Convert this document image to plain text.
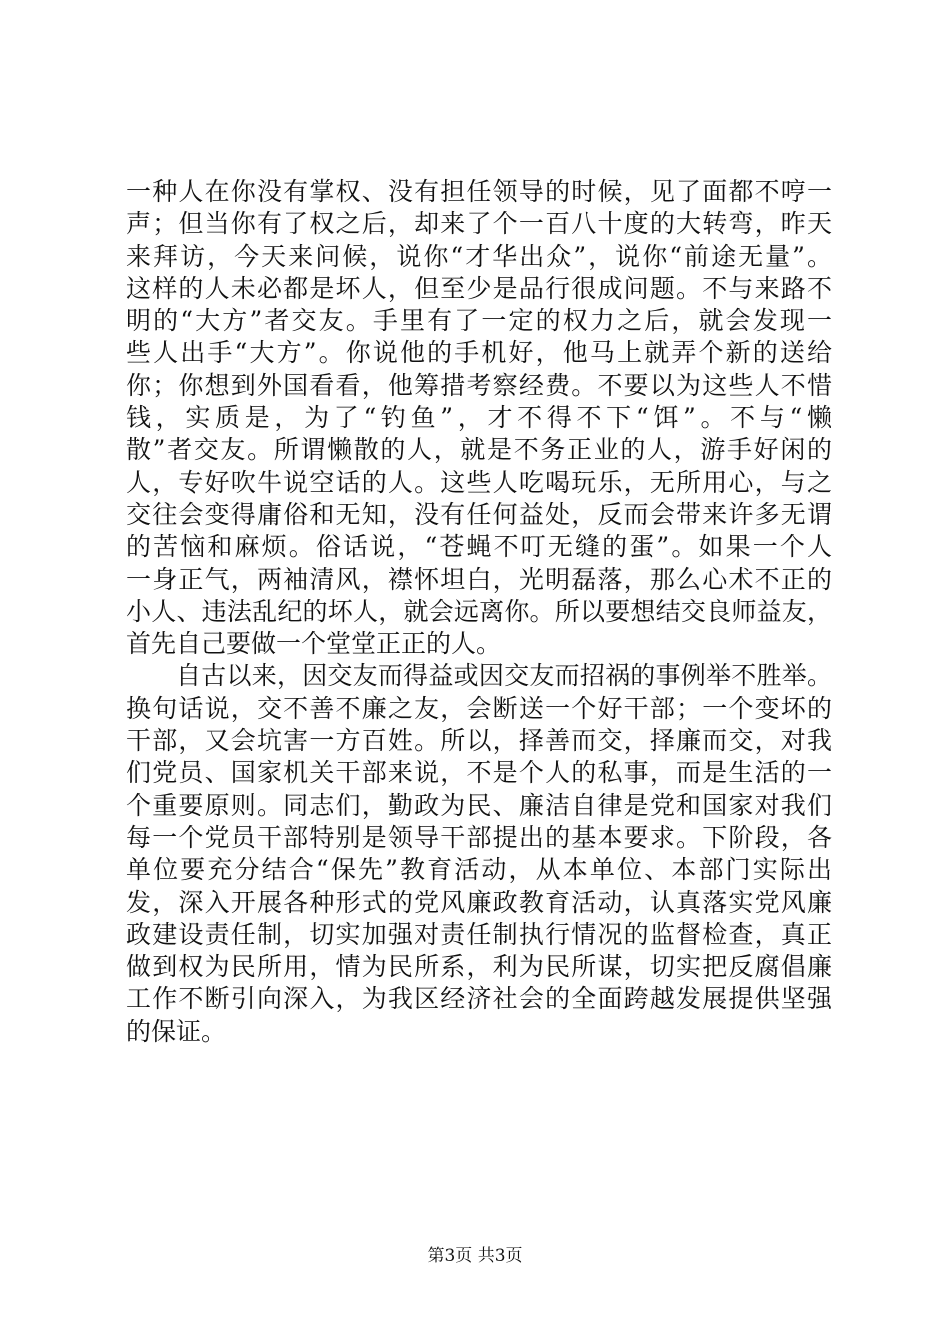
一种人在你没有掌权、没有担任领导的时候，见了面都不哼一
声；但当你有了权之后，却来了个一百八十度的大转弯，昨天
来拜访，今天来问候，说你“才华出众”，说你“前途无量”。
这样的人未必都是坏人，但至少是品行很成问题。不与来路不
明的“大方”者交友。手里有了一定的权力之后，就会发现一
些人出手“大方”。你说他的手机好，他马上就弄个新的送给
你；你想到外国看看，他筹措考察经费。不要以为这些人不惜
钱，实质是，为了“钓鱼”，才不得不下“饵”。不与“懒
散”者交友。所谓懒散的人，就是不务正业的人，游手好闲的
人，专好吹牛说空话的人。这些人吃喝玩乐，无所用心，与之
交往会变得庸俗和无知，没有任何益处，反而会带来许多无谓
的苦恼和麻烦。俗话说，“苍蝇不叮无缝的蛋”。如果一个人
一身正气，两袖清风，襟怀坦白，光明磊落，那么心术不正的
小人、违法乱纪的坏人，就会远离你。所以要想结交良师益友，
首先自己要做一个堂堂正正的人。
自古以来，因交友而得益或因交友而招祸的事例举不胜举。
换句话说，交不善不廉之友，会断送一个好干部；一个变坏的
干部，又会坑害一方百姓。所以，择善而交，择廉而交，对我
们党员、国家机关干部来说，不是个人的私事，而是生活的一
个重要原则。同志们，勤政为民、廉洁自律是党和国家对我们
每一个党员干部特别是领导干部提出的基本要求。下阶段，各
单位要充分结合“保先”教育活动，从本单位、本部门实际出
发，深入开展各种形式的党风廉政教育活动，认真落实党风廉
政建设责任制，切实加强对责任制执行情况的监督检查，真正
做到权为民所用，情为民所系，利为民所谋，切实把反腐倡廉
工作不断引向深入，为我区经济社会的全面跨越发展提供坚强
的保证。
第3页 共3页
